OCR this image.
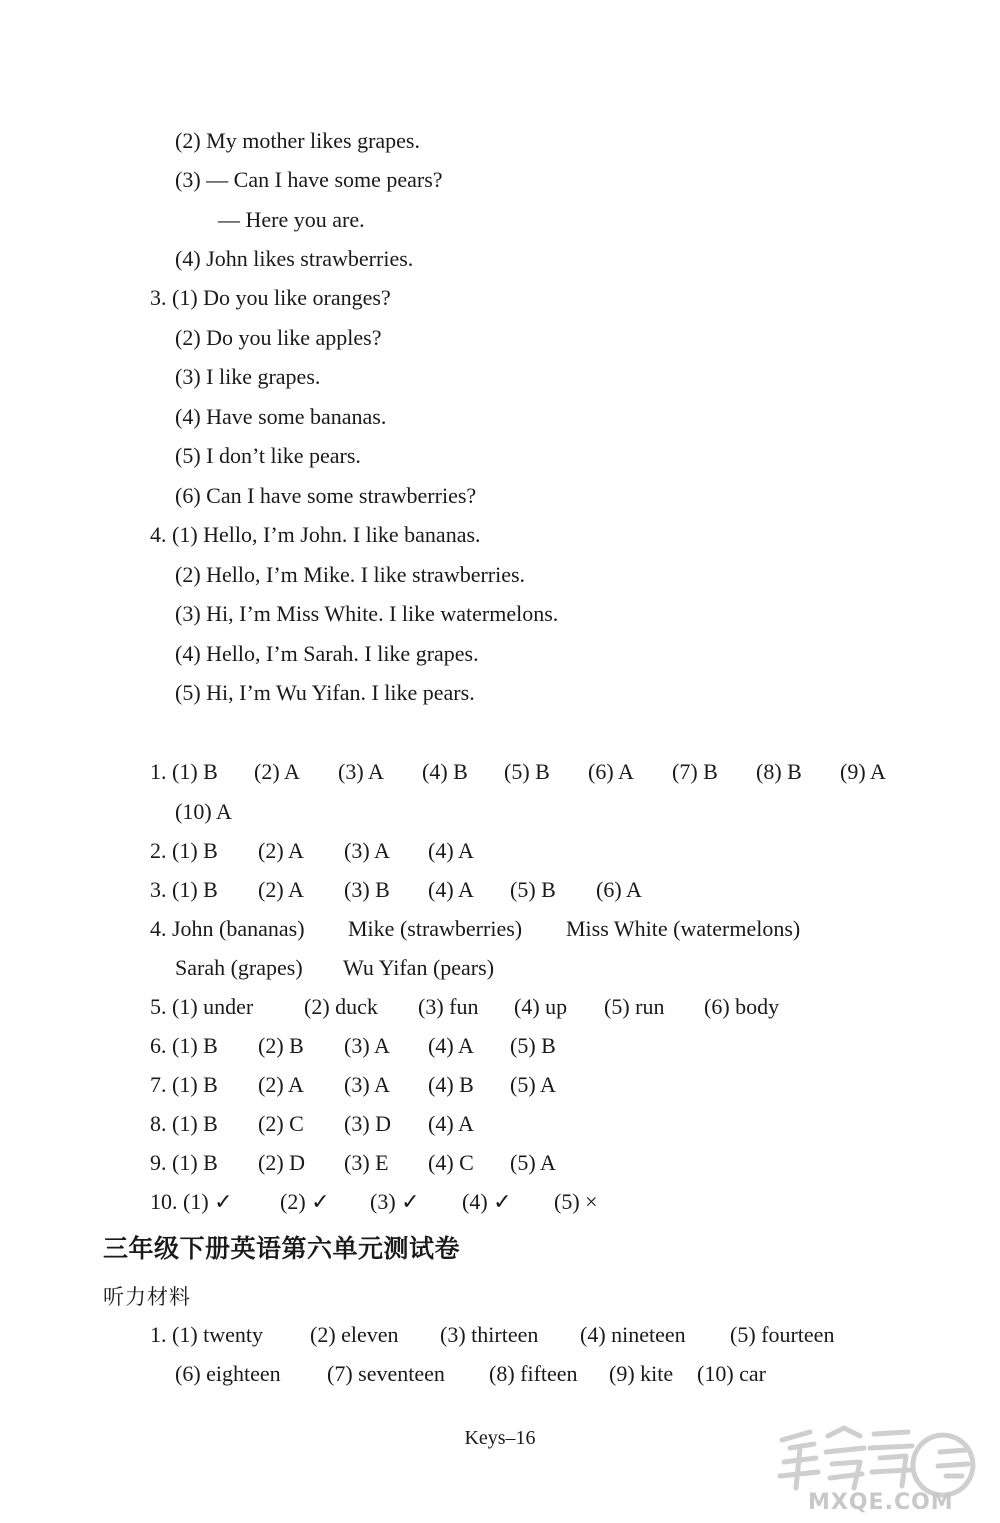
(2) My mother likes grapes.
(3) — Can I have some pears?
— Here you are.
(4) John likes strawberries.
3. (1) Do you like oranges?
(2) Do you like apples?
(3) I like grapes.
(4) Have some bananas.
(5) I don’t like pears.
(6) Can I have some strawberries?
4. (1) Hello, I’m John. I like bananas.
(2) Hello, I’m Mike. I like strawberries.
(3) Hi, I’m Miss White. I like watermelons.
(4) Hello, I’m Sarah. I like grapes.
(5) Hi, I’m Wu Yifan. I like pears.
1. (1) B (2) A (3) A (4) B (5) B (6) A (7) B (8) B (9) A
(10) A
2. (1) B (2) A (3) A (4) A
3. (1) B (2) A (3) B (4) A (5) B (6) A
4. John (bananas) Mike (strawberries) Miss White (watermelons)
Sarah (grapes) Wu Yifan (pears)
5. (1) under (2) duck (3) fun (4) up (5) run (6) body
6. (1) B (2) B (3) A (4) A (5) B
7. (1) B (2) A (3) A (4) B (5) A
8. (1) B (2) C (3) D (4) A
9. (1) B (2) D (3) E (4) C (5) A
10. (1) ✓ (2) ✓ (3) ✓ (4) ✓ (5) ×
三年级下册英语第六单元测试卷
听力材料
1. (1) twenty (2) eleven (3) thirteen (4) nineteen (5) fourteen
(6) eighteen (7) seventeen (8) fifteen (9) kite (10) car
Keys–16
MXQE.COM
